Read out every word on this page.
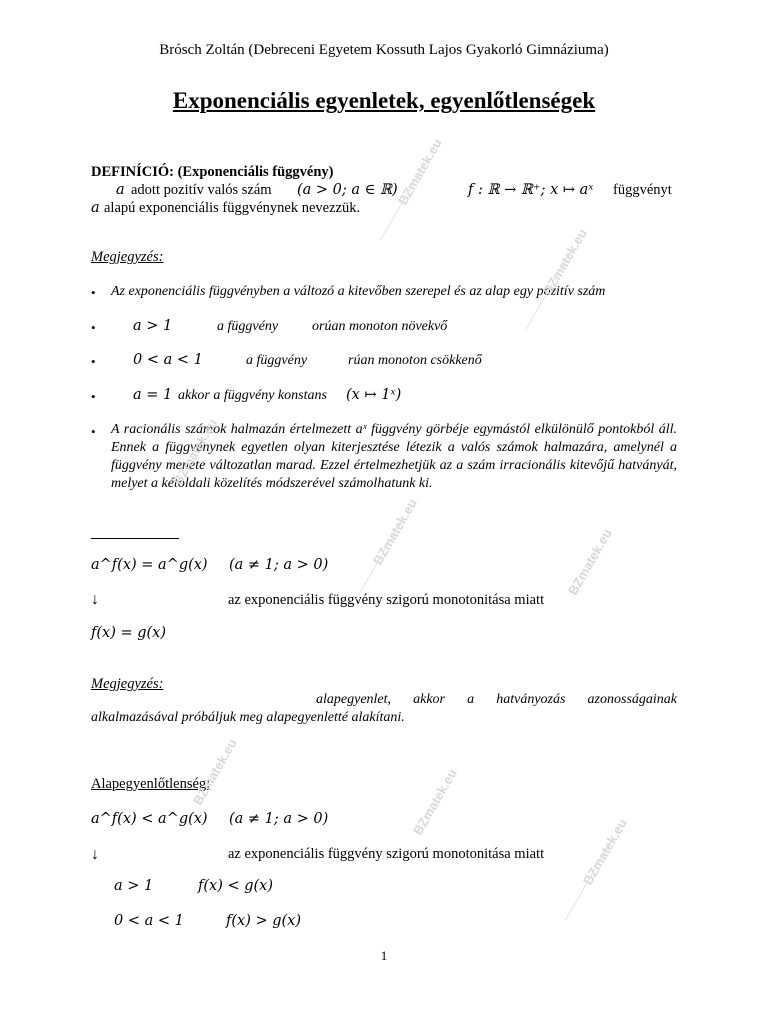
Brósch Zoltán (Debreceni Egyetem Kossuth Lajos Gyakorló Gimnáziuma)
Exponenciális egyenletek, egyenlőtlenségek
DEFINÍCIÓ: (Exponenciális függvény)
a adott pozitív valós szám (a > 0; a ∈ ℝ)	f : ℝ → ℝ⁺; x ↦ aˣ függvényt
a alapú exponenciális függvénynek nevezzük.
Megjegyzés:
• Az exponenciális függvényben a változó a kitevőben szerepel és az alap egy pozitív szám
•	a > 1	a függvény orúan monoton növekvő
•	0 < a < 1	a függvény	rúan monoton csökkenő
•	a = 1 akkor a függvény konstans (x ↦ 1ˣ)
• A racionális számok halmazán értelmezett aˣ függvény görbéje egymástól elkülönülő pontokból áll. Ennek a függvénynek egyetlen olyan kiterjesztése létezik a valós számok halmazára, amelynél a függvény menete változatlan marad. Ezzel értelmezhetjük az a szám irracionális kitevőjű hatványát, melyet a kétoldali közelítés módszerével számolhatunk ki.
a^f(x) = a^g(x) (a ≠ 1; a > 0)
↓	az exponenciális függvény szigorú monotonitása miatt
f(x) = g(x)
Megjegyzés:
alapegyenlet, akkor a hatványozás azonosságainak
alkalmazásával próbáljuk meg alapegyenletté alakítani.
Alapegyenlőtlenség:
a^f(x) < a^g(x) (a ≠ 1; a > 0)
↓	az exponenciális függvény szigorú monotonitása miatt
a > 1	f(x) < g(x)
0 < a < 1	f(x) > g(x)
1
BZmatek.eu
BZmatek.eu
BZmatek.eu
BZmatek.eu	BZmatek.eu
BZmatek.eu	BZmatek.eu
BZmatek.eu
